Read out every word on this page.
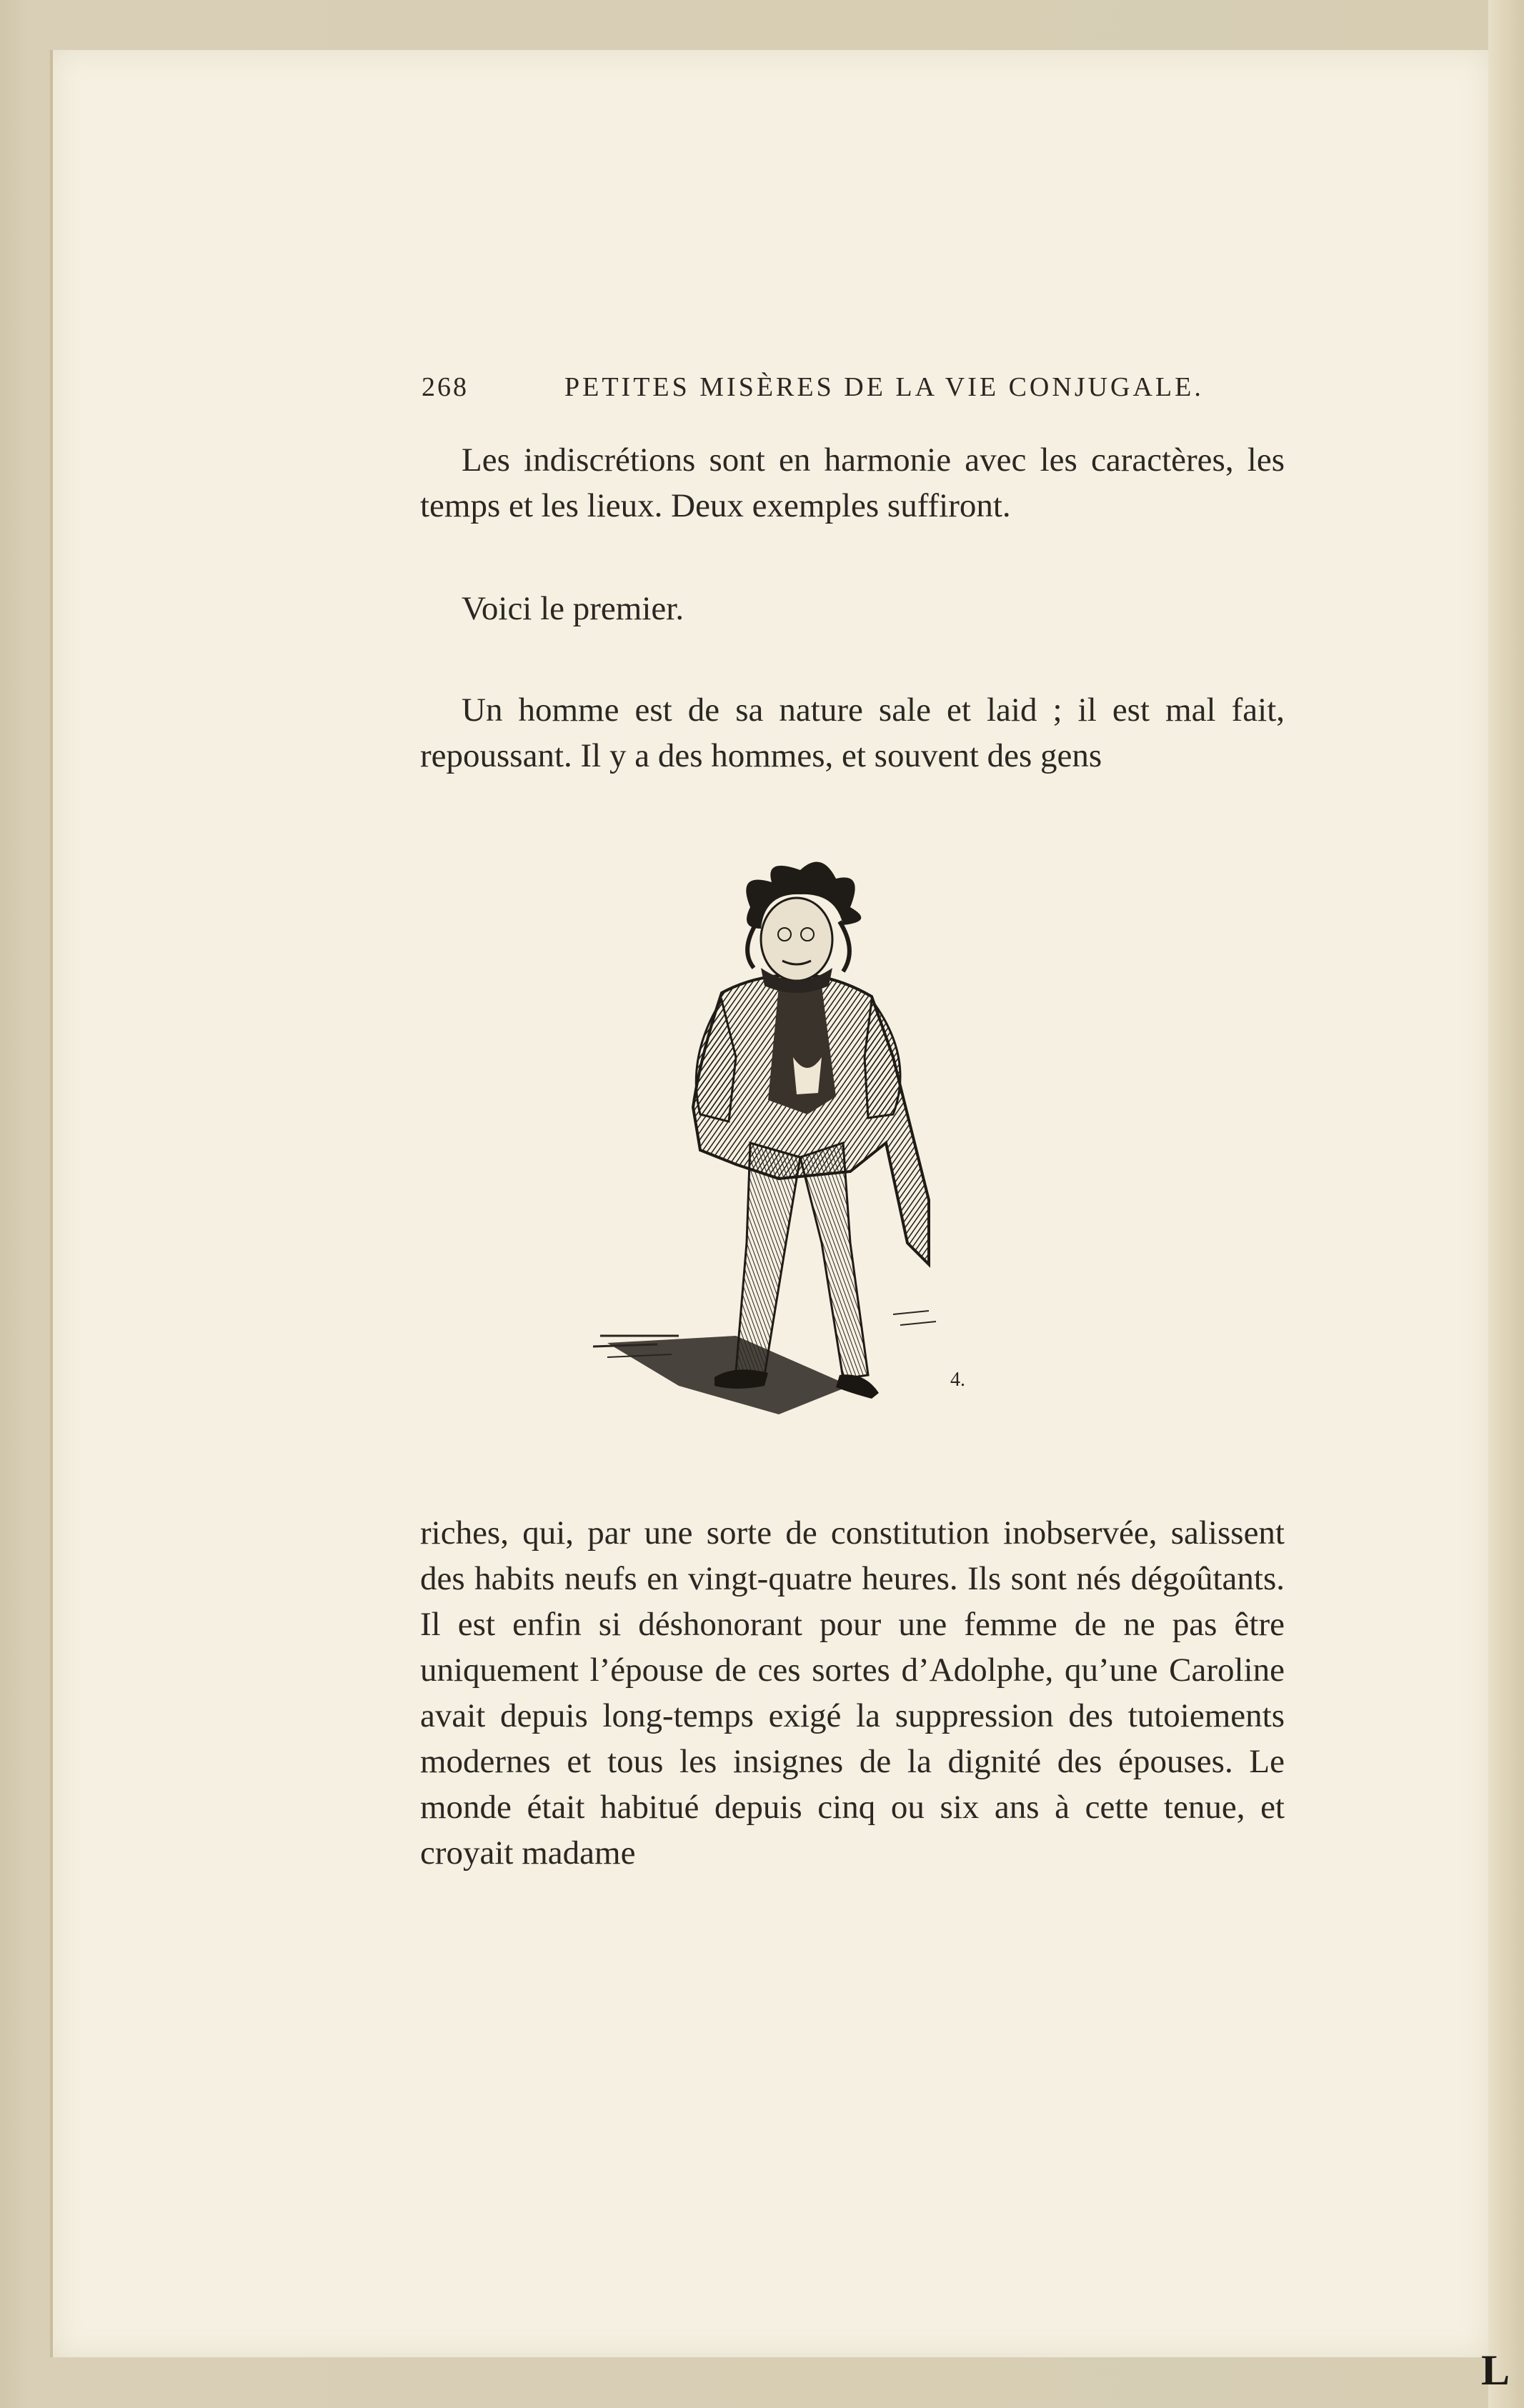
268	PETITES MISÈRES DE LA VIE CONJUGALE.

Les indiscrétions sont en harmonie avec les caractères, les temps et les lieux. Deux exemples suffiront.

Voici le premier.

Un homme est de sa nature sale et laid ; il est mal fait, repoussant. Il y a des hommes, et souvent des gens

4.

riches, qui, par une sorte de constitution inobservée, salissent des habits neufs en vingt-quatre heures. Ils sont nés dégoûtants. Il est enfin si déshonorant pour une femme de ne pas être uniquement l’épouse de ces sortes d’Adolphe, qu’une Caroline avait depuis long-temps exigé la suppression des tutoiements modernes et tous les insignes de la dignité des épouses. Le monde était habitué depuis cinq ou six ans à cette tenue, et croyait madame

L
